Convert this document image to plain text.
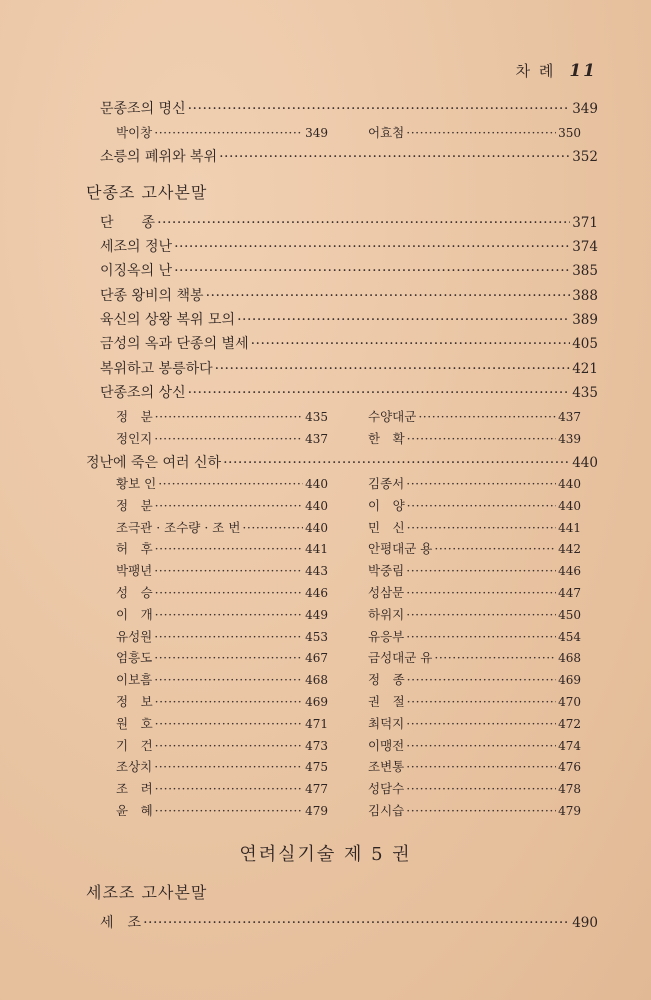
차 례 11
문종조의 명신 ·····	349
박이창 ·····	349	어효첨 ·····	350
소릉의 폐위와 복위 ·····	352
단종조 고사본말
단　　종 ·····	371
세조의 정난 ·····	374
이징옥의 난 ·····	385
단종 왕비의 책봉 ·····	388
육신의 상왕 복위 모의 ·····	389
금성의 옥과 단종의 별세 ·····	405
복위하고 봉릉하다 ·····	421
단종조의 상신 ·····	435
정　분 ·····	435	수양대군 ·····	437
정인지 ·····	437	한　확 ·····	439
정난에 죽은 여러 신하 ·····	440
황보 인 ·····	440	김종서 ·····	440
정　분 ·····	440	이　양 ·····	440
조극관 · 조수량 · 조 번 ·····	440	민　신 ·····	441
허　후 ·····	441	안평대군 용 ·····	442
박팽년 ·····	443	박중림 ·····	446
성　승 ·····	446	성삼문 ·····	447
이　개 ·····	449	하위지 ·····	450
유성원 ·····	453	유응부 ·····	454
엄흥도 ·····	467	금성대군 유 ·····	468
이보흠 ·····	468	정　종 ·····	469
정　보 ·····	469	권　절 ·····	470
원　호 ·····	471	최덕지 ·····	472
기　건 ·····	473	이맹전 ·····	474
조상치 ·····	475	조변통 ·····	476
조　려 ·····	477	성담수 ·····	478
윤　혜 ·····	479	김시습 ·····	479
연려실기술 제 5 권
세조조 고사본말
세　조 ·····	490
